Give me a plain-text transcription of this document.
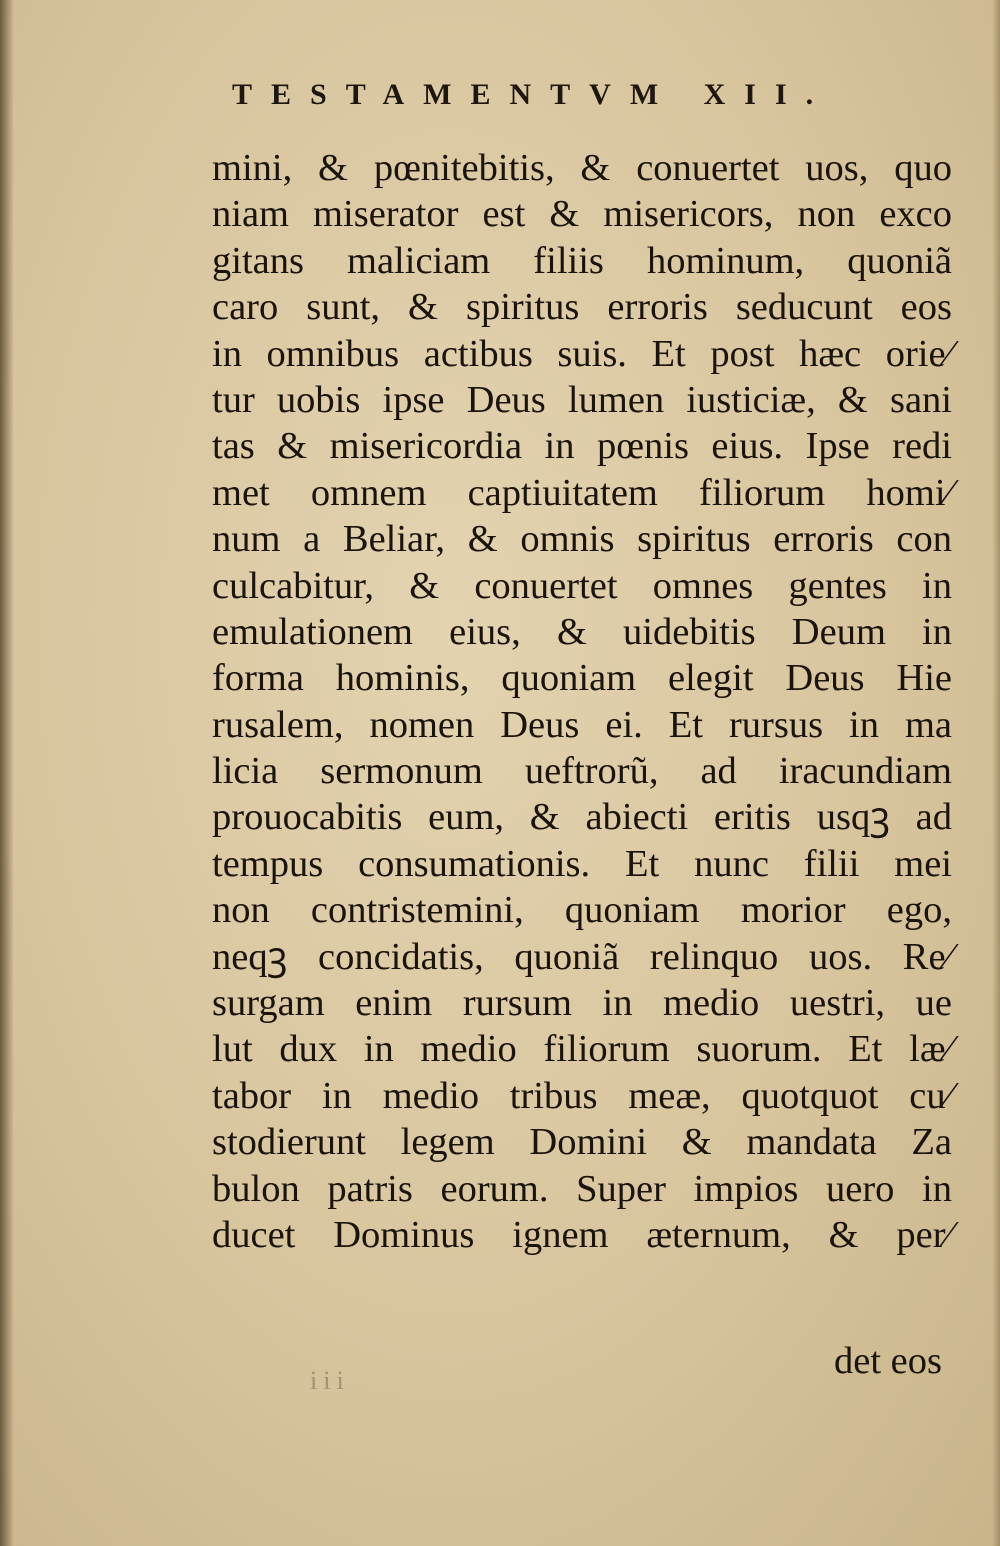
TESTAMENTVM XII.
mini, & pœnitebitis, & conuertet uos, quo
niam miserator est & misericors, non exco
gitans maliciam filiis hominum, quoniã
caro sunt, & spiritus erroris seducunt eos
in omnibus actibus suis. Et post hæc orie⁄
tur uobis ipse Deus lumen iusticiæ, & sani
tas & misericordia in pœnis eius. Ipse redi
met omnem captiuitatem filiorum homi⁄
num a Beliar, & omnis spiritus erroris con
culcabitur, & conuertet omnes gentes in
emulationem eius, & uidebitis Deum in
forma hominis, quoniam elegit Deus Hie
rusalem, nomen Deus ei. Et rursus in ma
licia sermonum ueftrorũ, ad iracundiam
prouocabitis eum, & abiecti eritis usqꝫ ad
tempus consumationis. Et nunc filii mei
non contristemini, quoniam morior ego,
neqꝫ concidatis, quoniã relinquo uos. Re⁄
surgam enim rursum in medio uestri, ue
lut dux in medio filiorum suorum. Et læ⁄
tabor in medio tribus meæ, quotquot cu⁄
stodierunt legem Domini & mandata Za
bulon patris eorum. Super impios uero in
ducet Dominus ignem æternum, & per⁄
iii	det eos
